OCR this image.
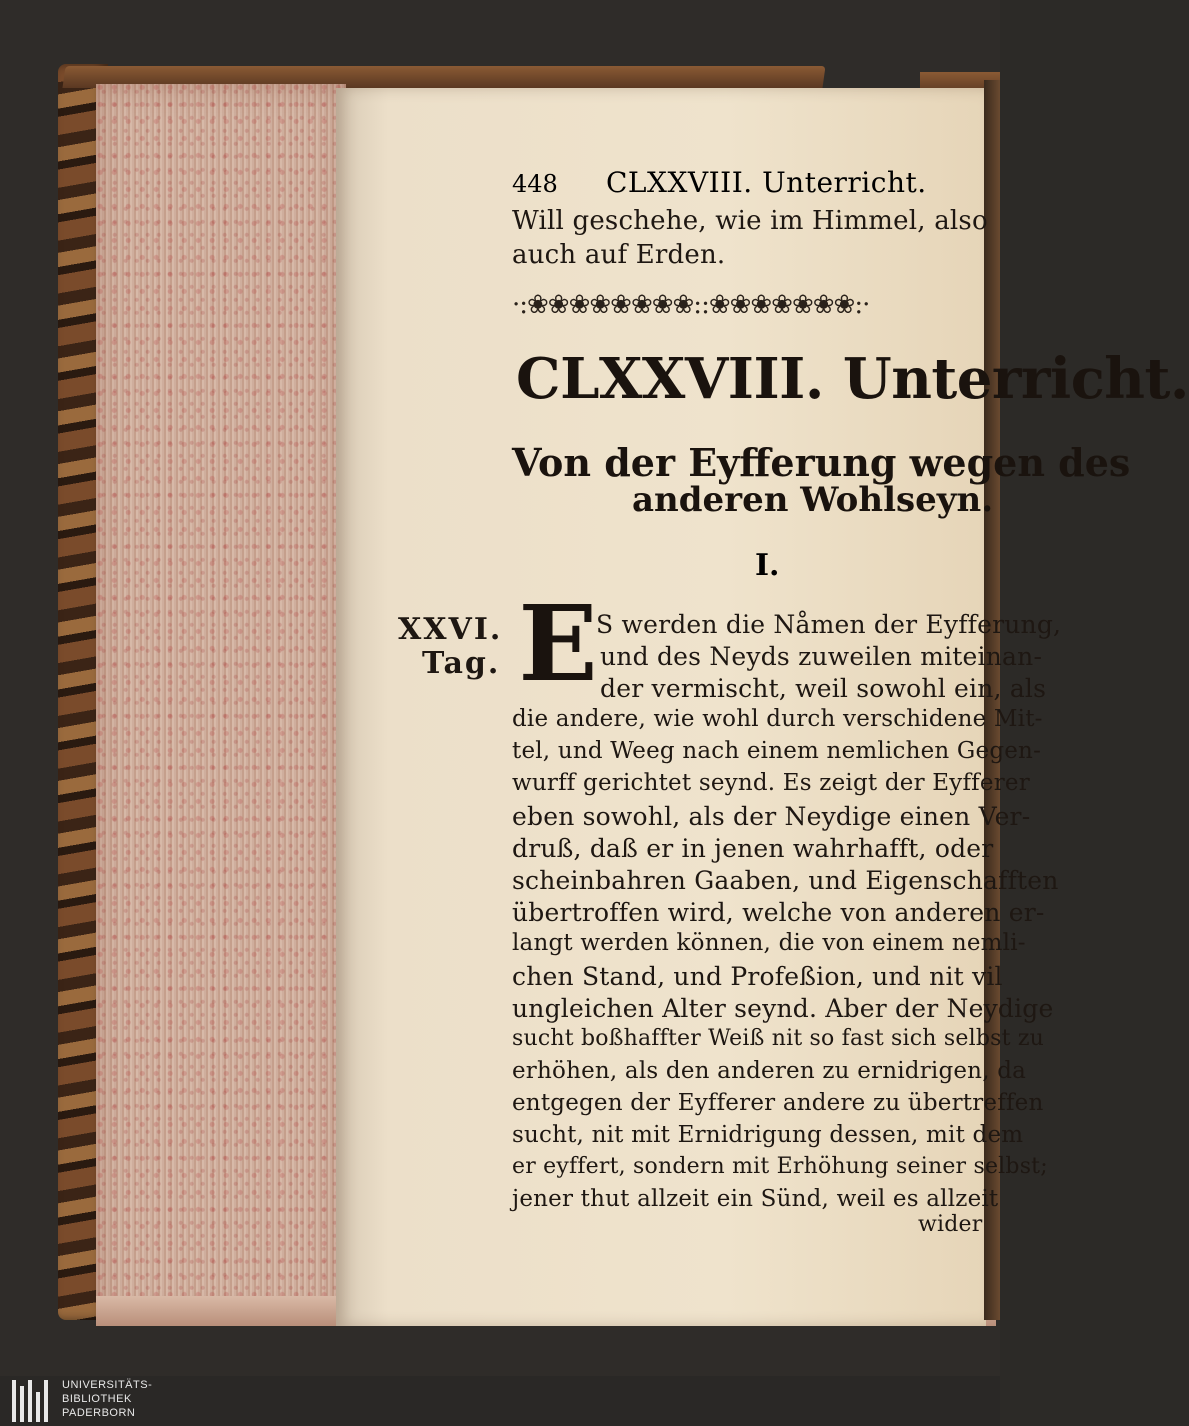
448 CLXXVIII. Unterricht.
Will geschehe, wie im Himmel, also
auch auf Erden.
·:❀❀❀❀❀❀❀❀::❀❀❀❀❀❀❀:·
CLXXVIII. Unterricht.
Von der Eyfferung wegen des
anderen Wohlseyn.
I.
XXVI.
Tag. E
S werden die Nåmen der Eyfferung,
und des Neyds zuweilen miteinan-
der vermischt, weil sowohl ein, als
die andere, wie wohl durch verschidene Mit-
tel, und Weeg nach einem nemlichen Gegen-
wurff gerichtet seynd. Es zeigt der Eyfferer
eben sowohl, als der Neydige einen Ver-
druß, daß er in jenen wahrhafft, oder
scheinbahren Gaaben, und Eigenschafften
übertroffen wird, welche von anderen er-
langt werden können, die von einem nemli-
chen Stand, und Profeßion, und nit vil
ungleichen Alter seynd. Aber der Neydige
sucht boßhaffter Weiß nit so fast sich selbst zu
erhöhen, als den anderen zu ernidrigen, da
entgegen der Eyfferer andere zu übertreffen
sucht, nit mit Ernidrigung dessen, mit dem
er eyffert, sondern mit Erhöhung seiner selbst;
jener thut allzeit ein Sünd, weil es allzeit
wider
UNIVERSITÄTS-
BIBLIOTHEK
PADERBORN
